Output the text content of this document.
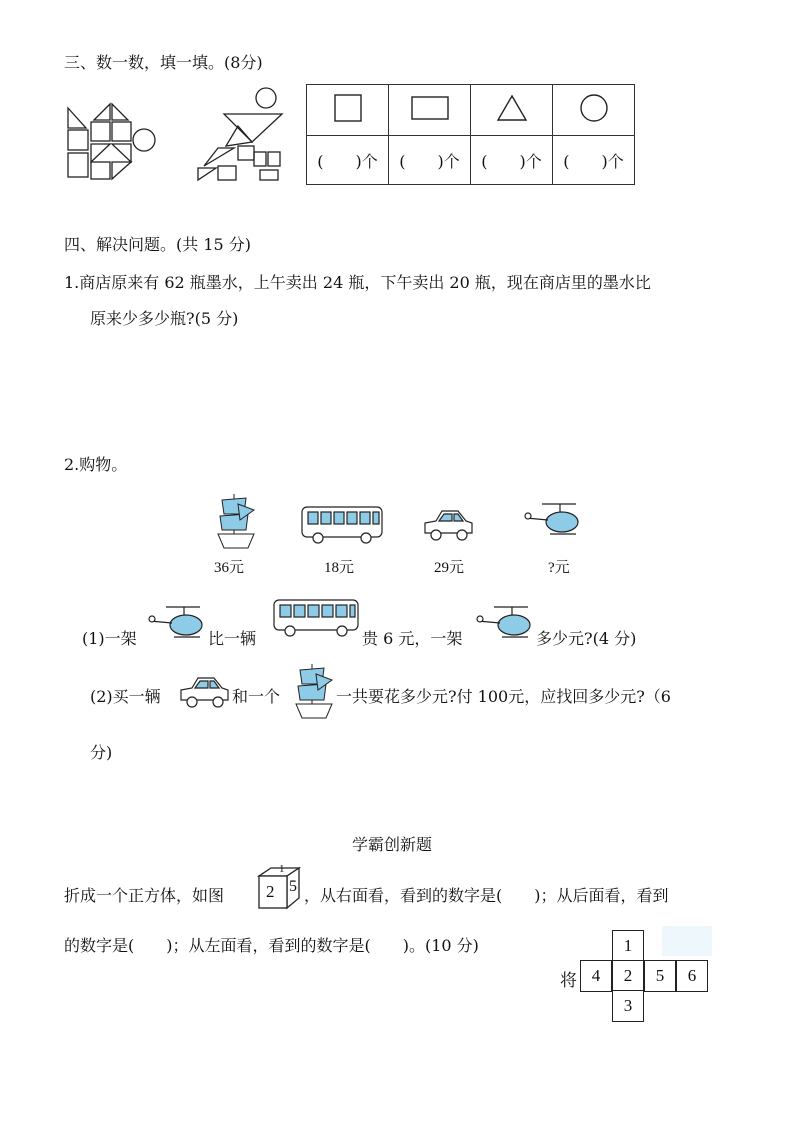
三、数一数，填一填。(8分)

(　　)个	(　　)个	(　　)个	(　　)个
四、解决问题。(共 15 分)
1.商店原来有 62 瓶墨水，上午卖出 24 瓶，下午卖出 20 瓶，现在商店里的墨水比
原来少多少瓶?(5 分)
2.购物。
36元	18元	29元	?元
(1)一架	比一辆	贵 6 元，一架	多少元?(4 分)
(2)买一辆	和一个	一共要花多少元?付 100元，应找回多少元?（6
分)
学霸创新题
折成一个正方体，如图
1
2 5 ，从右面看，看到的数字是(　　)；从后面看，看到
的数字是(　　)；从左面看，看到的数字是(　　)。(10 分)
将
1
4	2	5	6
3
